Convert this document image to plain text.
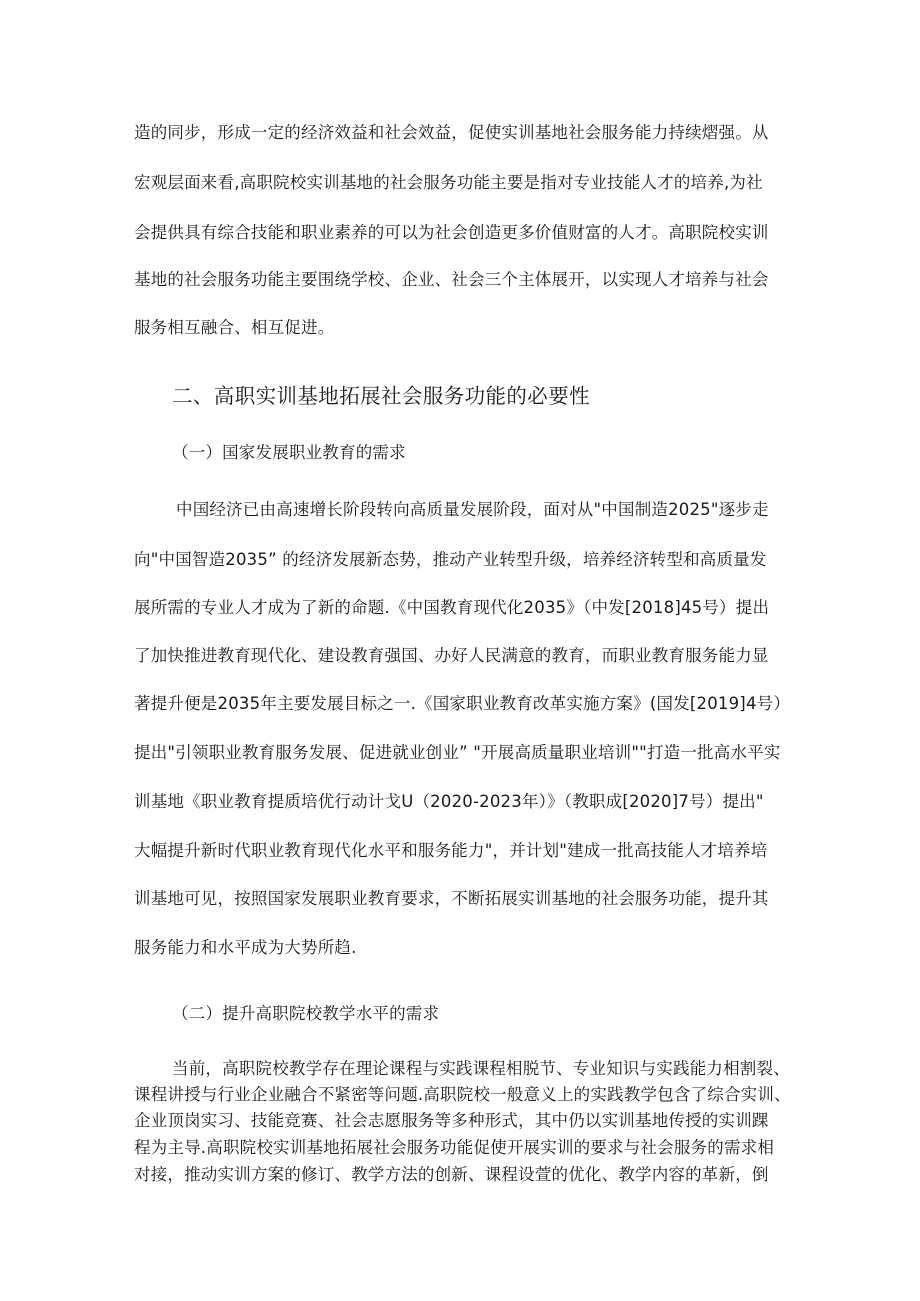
造的同步，形成一定的经济效益和社会效益，促使实训基地社会服务能力持续熠强。从
宏观层面来看,高职院校实训基地的社会服务功能主要是指对专业技能人才的培养,为社
会提供具有综合技能和职业素养的可以为社会创造更多价值财富的人才。高职院校实训
基地的社会服务功能主要围绕学校、企业、社会三个主体展开，以实现人才培养与社会
服务相互融合、相互促进。
二、高职实训基地拓展社会服务功能的必要性
（一）国家发展职业教育的需求
中国经济已由高速增长阶段转向高质量发展阶段，面对从"中国制造2025"逐步走
向"中国智造2035” 的经济发展新态势，推动产业转型升级，培养经济转型和高质量发
展所需的专业人才成为了新的命题.《中国教育现代化2035》（中发[2018]45号）提出
了加快推进教育现代化、建设教育强国、办好人民满意的教育，而职业教育服务能力显
著提升便是2035年主要发展目标之一.《国家职业教育改革实施方案》(国发[2019]4号）
提出"引领职业教育服务发展、促进就业创业” "开展高质量职业培训""打造一批高水平实
训基地《职业教育提质培优行动计戈U（2020-2023年）》（教职成[2020]7号）提出"
大幅提升新时代职业教育现代化水平和服务能力"，并计划"建成一批高技能人才培养培
训基地可见，按照国家发展职业教育要求，不断拓展实训基地的社会服务功能，提升其
服务能力和水平成为大势所趋.
（二）提升高职院校教学水平的需求
当前，高职院校教学存在理论课程与实践课程相脱节、专业知识与实践能力相割裂、
课程讲授与行业企业融合不紧密等问题.高职院校一般意义上的实践教学包含了综合实训、
企业顶岗实习、技能竞赛、社会志愿服务等多种形式，其中仍以实训基地传授的实训踝
程为主导.高职院校实训基地拓展社会服务功能促使开展实训的要求与社会服务的需求相
对接，推动实训方案的修订、教学方法的创新、课程设萱的优化、教学内容的革新，倒
